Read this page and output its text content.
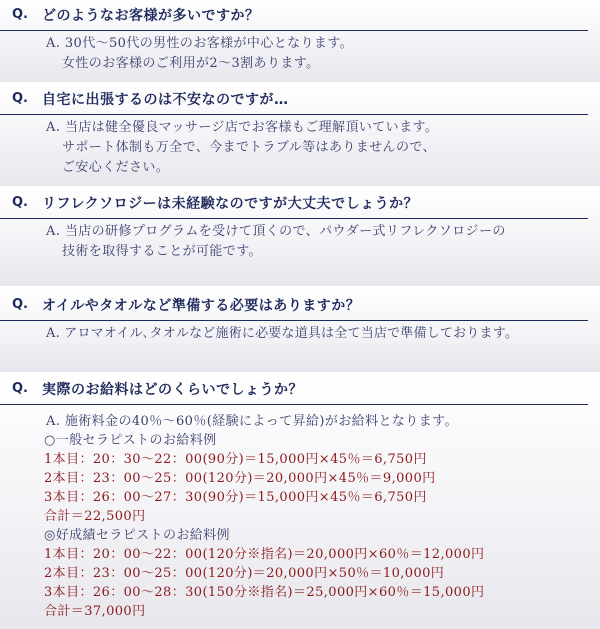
Q. どのようなお客様が多いですか？
A. 30代～50代の男性のお客様が中心となります。
女性のお客様のご利用が2～3割あります。
Q. 自宅に出張するのは不安なのですが…
A. 当店は健全優良マッサージ店でお客様もご理解頂いています。
サポート体制も万全で、今までトラブル等はありませんので、
ご安心ください。
Q. リフレクソロジーは未経験なのですが大丈夫でしょうか？
A. 当店の研修プログラムを受けて頂くので、パウダー式リフレクソロジーの
技術を取得することが可能です。
Q. オイルやタオルなど準備する必要はありますか？
A. アロマオイル､タオルなど施術に必要な道具は全て当店で準備しております。
Q. 実際のお給料はどのくらいでしょうか？
A. 施術料金の40％～60％(経験によって昇給)がお給料となります。
○一般セラピストのお給料例
1本目：20：30～22：00(90分)＝15,000円×45％＝6,750円
2本目：23：00～25：00(120分)＝20,000円×45％＝9,000円
3本目：26：00～27：30(90分)＝15,000円×45％＝6,750円
合計＝22,500円
◎好成績セラピストのお給料例
1本目：20：00～22：00(120分※指名)＝20,000円×60％＝12,000円
2本目：23：00～25：00(120分)＝20,000円×50％＝10,000円
3本目：26：00～28：30(150分※指名)＝25,000円×60％＝15,000円
合計＝37,000円
